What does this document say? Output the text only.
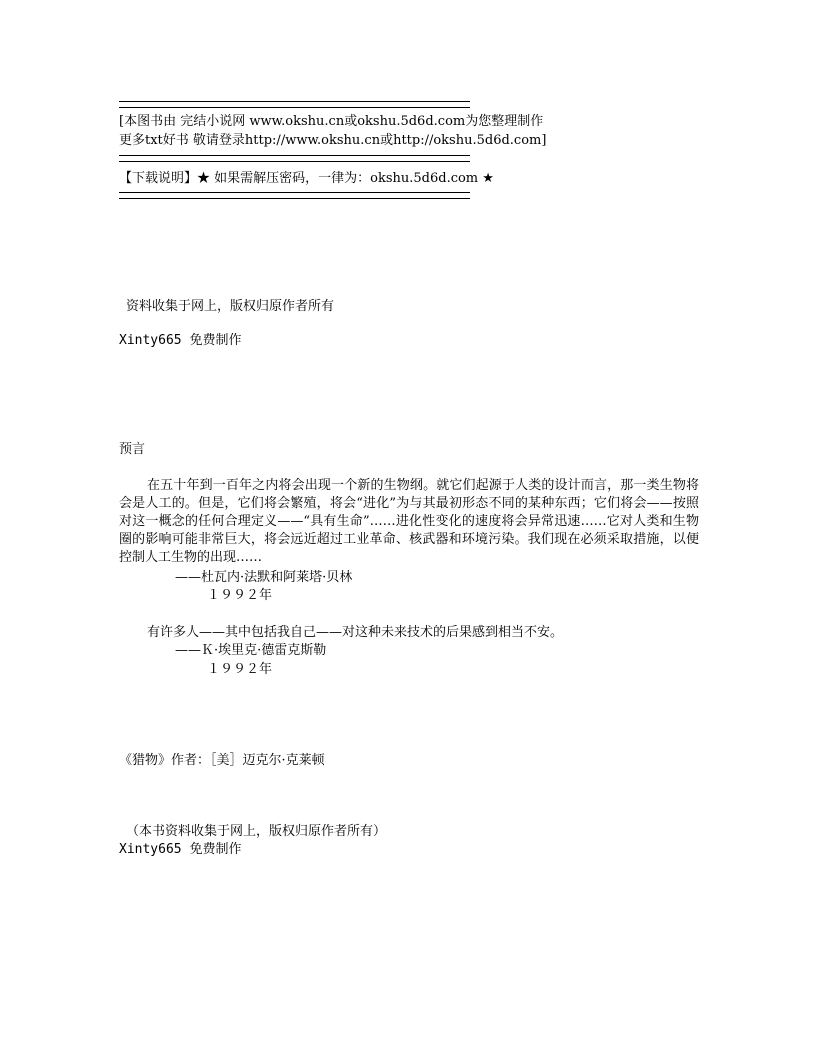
[本图书由 完结小说网 www.okshu.cn或okshu.5d6d.com为您整理制作
更多txt好书 敬请登录http://www.okshu.cn或http://okshu.5d6d.com]
【下载说明】★ 如果需解压密码，一律为：okshu.5d6d.com ★
资料收集于网上，版权归原作者所有
Xinty665 免费制作
预言
在五十年到一百年之内将会出现一个新的生物纲。就它们起源于人类的设计而言，那一类生物将会是人工的。但是，它们将会繁殖，将会“进化”为与其最初形态不同的某种东西；它们将会——按照对这一概念的任何合理定义——“具有生命”……进化性变化的速度将会异常迅速……它对人类和生物圈的影响可能非常巨大，将会远近超过工业革命、核武器和环境污染。我们现在必须采取措施，以便控制人工生物的出现……
——杜瓦内·法默和阿莱塔·贝林
１９９２年
有许多人——其中包括我自己——对这种未来技术的后果感到相当不安。
——Ｋ·埃里克·德雷克斯勒
１９９２年
《猎物》作者：［美］迈克尔·克莱顿
（本书资料收集于网上，版权归原作者所有）
Xinty665 免费制作
